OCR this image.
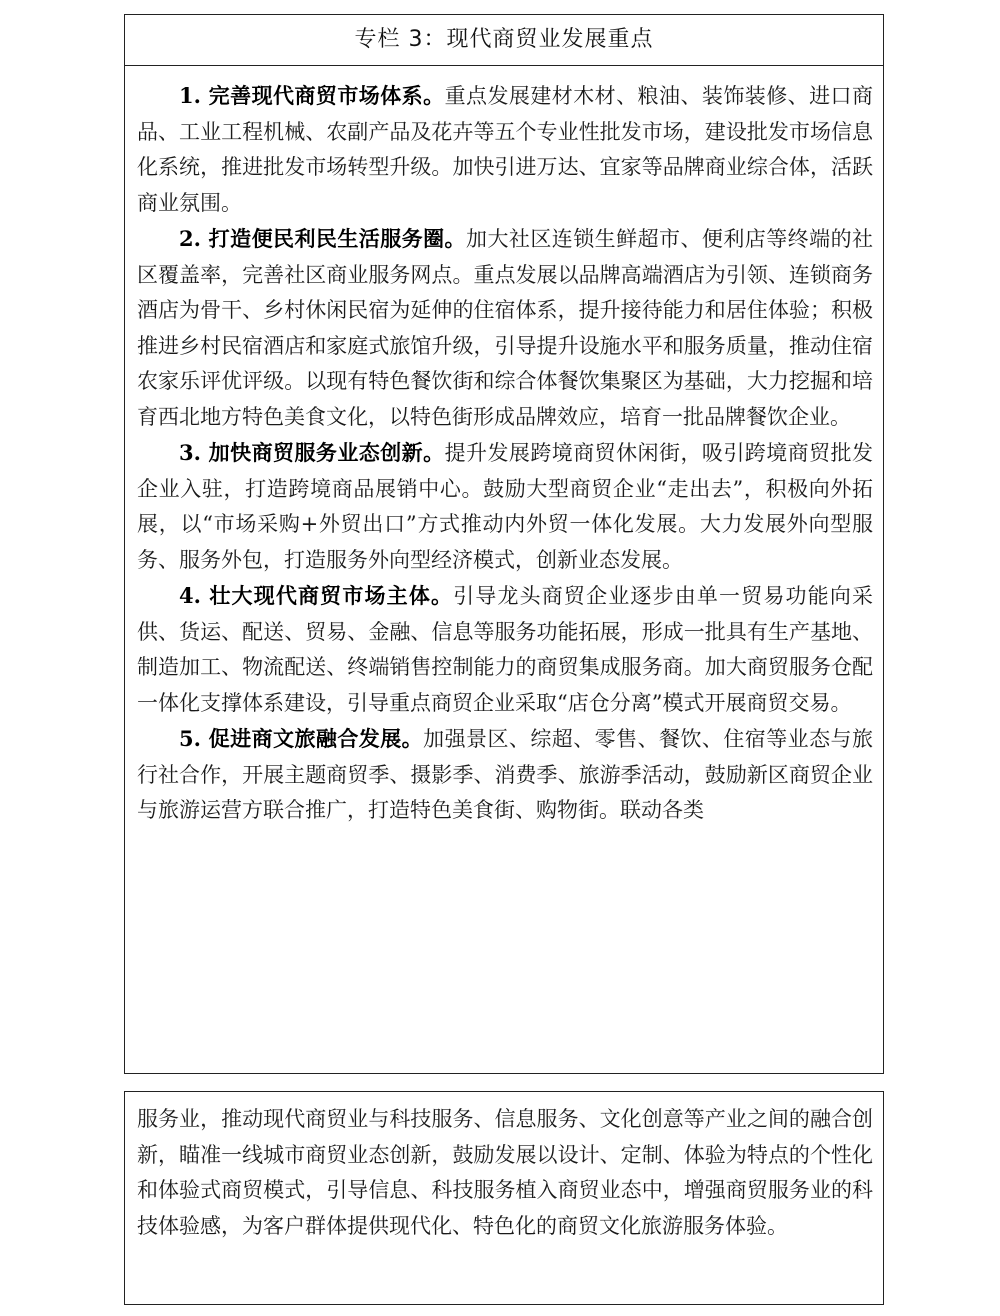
专栏 3：现代商贸业发展重点

1. 完善现代商贸市场体系。重点发展建材木材、粮油、装饰装修、进口商品、工业工程机械、农副产品及花卉等五个专业性批发市场，建设批发市场信息化系统，推进批发市场转型升级。加快引进万达、宜家等品牌商业综合体，活跃商业氛围。

2. 打造便民利民生活服务圈。加大社区连锁生鲜超市、便利店等终端的社区覆盖率，完善社区商业服务网点。重点发展以品牌高端酒店为引领、连锁商务酒店为骨干、乡村休闲民宿为延伸的住宿体系，提升接待能力和居住体验；积极推进乡村民宿酒店和家庭式旅馆升级，引导提升设施水平和服务质量，推动住宿农家乐评优评级。以现有特色餐饮街和综合体餐饮集聚区为基础，大力挖掘和培育西北地方特色美食文化，以特色街形成品牌效应，培育一批品牌餐饮企业。

3. 加快商贸服务业态创新。提升发展跨境商贸休闲街，吸引跨境商贸批发企业入驻，打造跨境商品展销中心。鼓励大型商贸企业“走出去”，积极向外拓展，以“市场采购+外贸出口”方式推动内外贸一体化发展。大力发展外向型服务、服务外包，打造服务外向型经济模式，创新业态发展。

4. 壮大现代商贸市场主体。引导龙头商贸企业逐步由单一贸易功能向采供、货运、配送、贸易、金融、信息等服务功能拓展，形成一批具有生产基地、制造加工、物流配送、终端销售控制能力的商贸集成服务商。加大商贸服务仓配一体化支撑体系建设，引导重点商贸企业采取“店仓分离”模式开展商贸交易。

5. 促进商文旅融合发展。加强景区、综超、零售、餐饮、住宿等业态与旅行社合作，开展主题商贸季、摄影季、消费季、旅游季活动，鼓励新区商贸企业与旅游运营方联合推广，打造特色美食街、购物街。联动各类

服务业，推动现代商贸业与科技服务、信息服务、文化创意等产业之间的融合创新，瞄准一线城市商贸业态创新，鼓励发展以设计、定制、体验为特点的个性化和体验式商贸模式，引导信息、科技服务植入商贸业态中，增强商贸服务业的科技体验感，为客户群体提供现代化、特色化的商贸文化旅游服务体验。
